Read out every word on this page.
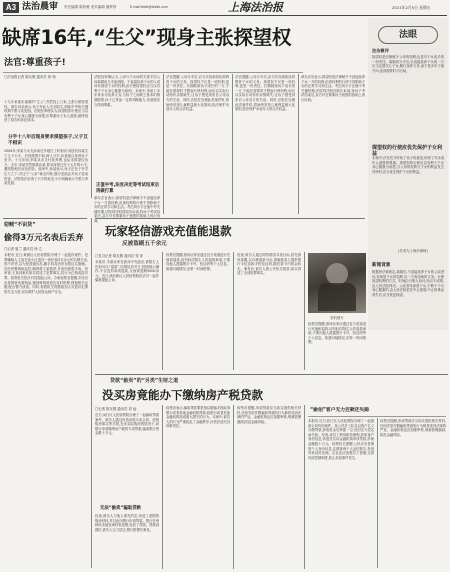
A3 法治晨审 责任编辑 陈秋雅 美术编辑 屠梦婷	E-mail:fzbfz@shfzb.com	上海法治报	2021年2月5日 星期五
缺席16年,“生父”现身主张探望权
法官:尊重孩子!
□法治报记者 陈友敬 通讯员 徐 杨
十几年来素未谋面的“生父”,突然找上门来,主张行使探望权。被告母亲表示,孩子对此人完全陌生,面临中考的关键时期不愿与其见面。法院经审理认为,探望权的行使应当以有利于子女身心健康为前提,应尊重孩子本人意愿,最终驳回了原告的诉讼请求。
分手十八年后现身要求探望孩子,父子互不相识
2004年,李某与女友孙某在外地打工时相识,同居后孙某生下儿子小宇。后因感情不和,两人分手,孙某独自抚养孩子至今。十几年间,李某从未支付抚养费,也从未探望过孩子。去年,李某突然联系孙某,要求探望已经十五岁的小宇,遭到拒绝后诉至法院。庭审中,孙某表示,孩子正处于升学压力之下,对这个“父亲”毫无印象,强行见面会对孩子造成伤害。法院依法征询了小宇的意见,小宇明确表示不愿与李某见面。
法院经审理认为,父母与子女间的关系不因父母离婚或分手而消除。不直接抚养子女的父或母有探望子女的权利,但行使探望权应当以有利于子女身心健康为原则。本案中,李某十多年来未尽抚养义务,与孩子之间缺乏基本的情感联系,孩子已具备一定的判断能力,其意愿应当得到尊重。
正值中考,法官决定等考试结束后再做打算
承办法官表示,探望权是法律赋予不直接抚养子女一方的权利,但该权利的行使不得影响子女的正常学习和生活。考虑到小宇正值中考关键时期,法院判决驳回原告诉请,待孩子考试结束后,双方可在尊重孩子意愿的基础上再行协商。
法官提醒,父母分手后,应当共同承担抚养教育子女的义务。探望权不仅是一项权利,更是一份责任。长期缺席孩子成长的一方,不能在需要时才想起行使权利,而应以实际行动弥补亲情缺失,让孩子感受到来自父母双方的关爱。同时,法院在处理此类案件时,将始终坚持儿童利益最大化原则,依法保护未成年人的合法权益。
法官提醒,父母分手后,应当共同承担抚养教育子女的义务。探望权不仅是一项权利,更是一份责任。长期缺席孩子成长的一方,不能在需要时才想起行使权利,而应以实际行动弥补亲情缺失,让孩子感受到来自父母双方的关爱。同时,法院在处理此类案件时,将始终坚持儿童利益最大化原则,依法保护未成年人的合法权益。
承办法官表示,探望权是法律赋予不直接抚养子女一方的权利,但该权利的行使不得影响子女的正常学习和生活。考虑到小宇正值中考关键时期,法院判决驳回原告诉请,待孩子考试结束后,双方可在尊重孩子意愿的基础上再行协商。
法眼
法治微评
探望权是法律赋予父母的权利,也是对子女成长的一份责任。离婚或分手后,未直接抚养子女的一方应当定期关心子女,履行抚养义务,而不是多年不闻不问,直到需要时才出现。
探望权的行使应优先保护子女利益
本案中,法官充分听取了孩子的意见,体现了对未成年人意愿的尊重。探望权的行使应以有利于子女身心健康为前提,当父母的权利与子女的利益发生冲突时,应当优先保护子女的利益。
(作者为上海市律师)
新闻背景
根据民法典规定,离婚后,不直接抚养子女的父或者母,有探望子女的权利,另一方有协助的义务。行使探望权利的方式、时间由当事人协议;协议不成的,由人民法院判决。父或者母探望子女,不利于子女身心健康的,由人民法院依法中止探望;中止的事由消失后,应当恢复探望。
窃贼“不识货”
偷得3万元名表后丢弃
□记者 夏兰 通讯员 徐 立
本报讯 近日,黄浦区人民检察院办理了一起盗窃案件。犯罪嫌疑人王某在某小区盗窃一块价值3万余元的名牌手表,因不识货,以为是普通仿品,随手将其丢弃在路边垃圾桶。后经民警调取监控,顺利将王某抓获,并追回被盗手表。经审查,王某到案后如实供述了犯罪事实,其行为已构成盗窃罪。检察机关依法对其提起公诉。办案检察官提醒,市民应妥善保管贵重物品,遇到财物被盗应及时报警,保留相关证据,配合警方侦查。同时,检察机关将继续加大对盗窃犯罪的打击力度,切实维护人民群众财产安全。
玩家轻信游戏充值能退款
反被盗刷五千余元
□见习记者 陈友敬 通讯员 张 萍
本报讯 手游玩家在游戏中充值后,被陌生人告知可以“退款”,结果轻信对方,按照指示操作,不仅没有拿到退款,反而被盗刷5000余元。近日,浦东新区人民检察院依法对一起诈骗案提起公诉。
检察官提醒,游戏玩家应通过官方渠道进行充值和退款,切勿轻信陌生人的退款承诺,不要向他人透露银行卡号、验证码等个人信息。如遇可疑情况,应第一时间报警。
经查,被告人通过网络群组寻找目标,冒充游戏客服,以办理退款为由,诱骗被害人提供银行卡信息和手机验证码,随后将卡内资金转走。案发后,被告人被公安机关抓获,如实供述了全部犯罪事实。
资料图片
检察官提醒,游戏玩家应通过官方渠道进行充值和退款,切勿轻信陌生人的退款承诺,不要向他人透露银行卡号、验证码等个人信息。如遇可疑情况,应第一时间报警。
贷款“偷卖”的“另类”生财之道
没买房竟能办下缴纳房产税贷款
□记者 陈友敬 通讯员 刘 灿
近日,闵行区人民检察院办理了一起骗取贷款案件。被告人通过伪造房屋买卖合同、虚构购房事实等手段,在未实际购房的情况下,向银行申请缴纳房产税的专项贷款,骗取银行资金数十万元。
无法“偷卖”骗取贷款
经查,被告人与他人事先约定,伪造了虚假的购房材料,并以此向银行申请贷款。银行在审核时未能发现材料造假,发放了贷款。贷款到期后,被告人无力偿还,银行报警后案发。
检察官表示,骗取贷款罪是指以欺骗手段取得银行或者其他金融机构贷款,给银行或者其他金融机构造成重大损失的行为。本案中,被告人的行为严重扰乱了金融秩序,应依法追究其刑事责任。
检察官提醒,申请贷款应当如实提供相关材料,任何弄虚作假骗取贷款的行为都将受到法律的严惩。金融机构也应加强审核,堵塞管理漏洞,防范金融风险。
“偷拍”客户无力还款还失踪
本报讯 近日,松江区人民检察院办理了一起借款合同纠纷案件。某公司员工私自以客户名义办理贷款,获取资金后挥霍一空,后因无力偿还而失踪。经查,该员工利用职务便利,获取客户身份信息,伪造签名向金融机构申请贷款,涉案金额数十万元。检察机关提醒,公民应妥善保管个人身份信息,定期查询个人征信报告,发现异常及时处理。企业也应加强员工管理,完善内部控制制度,防止类似事件发生。
检察官提醒,申请贷款应当如实提供相关材料,任何弄虚作假骗取贷款的行为都将受到法律的严惩。金融机构也应加强审核,堵塞管理漏洞,防范金融风险。
